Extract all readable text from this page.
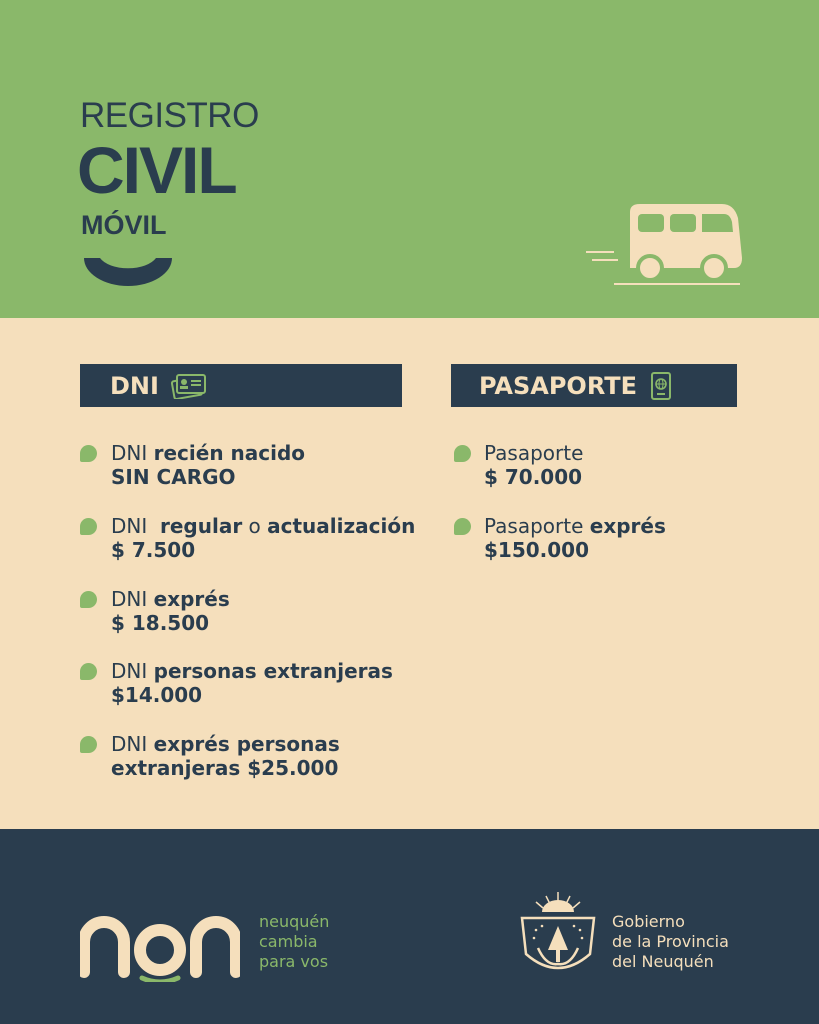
REGISTRO
CIVIL
MÓVIL
DNI	PASAPORTE
DNI recién nacido
SIN CARGO
DNI  regular o actualización
$ 7.500
DNI exprés
$ 18.500
DNI personas extranjeras
$14.000
DNI exprés personas
extranjeras $25.000
Pasaporte
$ 70.000
Pasaporte exprés
$150.000
neuquén
cambia
para vos
Gobierno
de la Provincia
del Neuquén
